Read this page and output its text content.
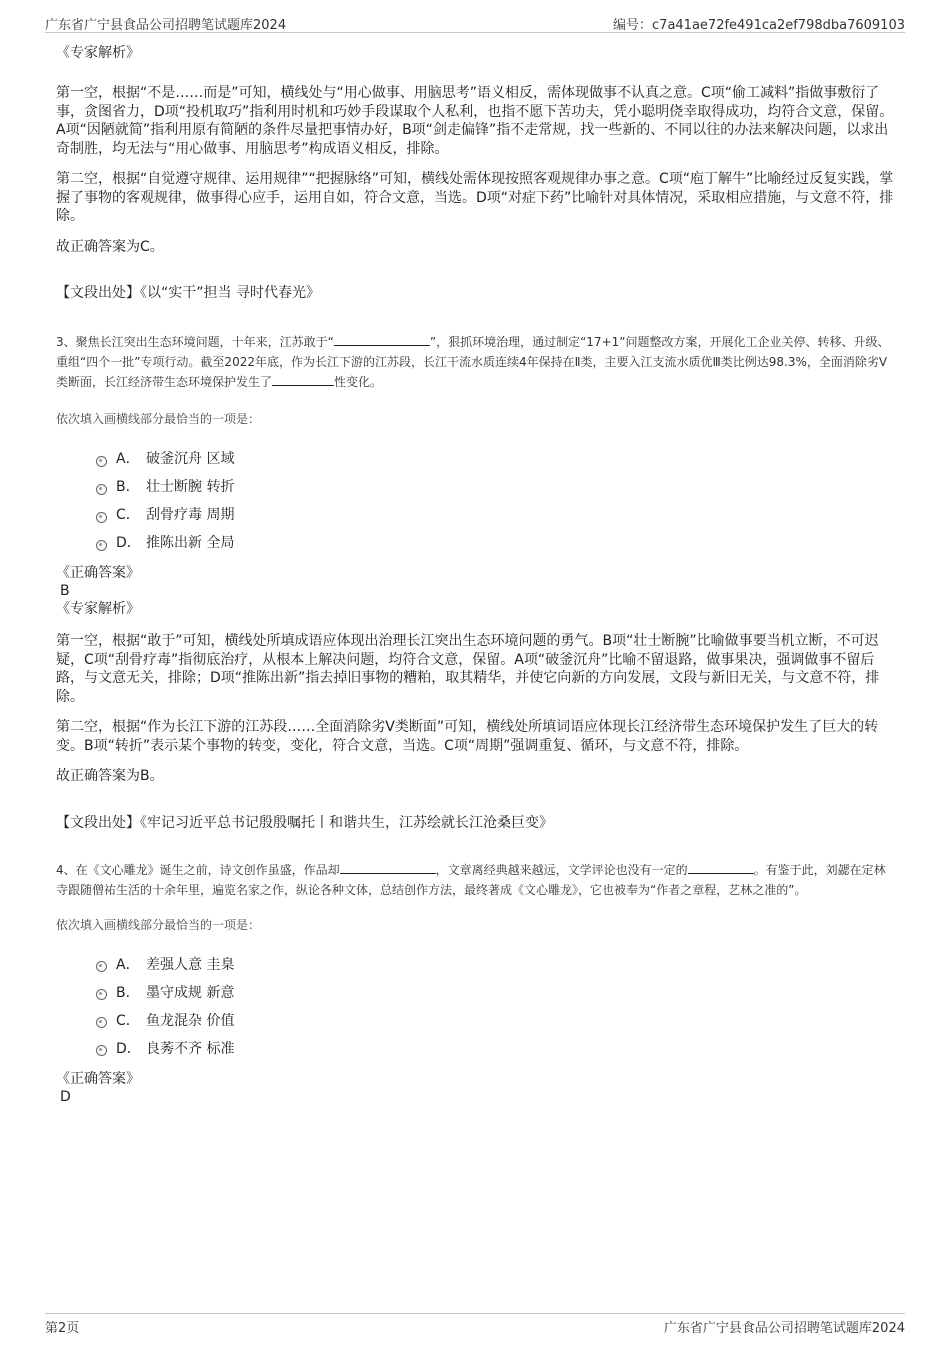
广东省广宁县食品公司招聘笔试题库2024	编号：c7a41ae72fe491ca2ef798dba7609103
《专家解析》

第一空，根据“不是……而是”可知，横线处与“用心做事、用脑思考”语义相反，需体现做事不认真之意。C项“偷工减料”指做事敷衍了事，贪图省力，D项“投机取巧”指利用时机和巧妙手段谋取个人私利，也指不愿下苦功夫，凭小聪明侥幸取得成功，均符合文意，保留。A项“因陋就简”指利用原有简陋的条件尽量把事情办好，B项“剑走偏锋”指不走常规，找一些新的、不同以往的办法来解决问题，以求出奇制胜，均无法与“用心做事、用脑思考”构成语义相反，排除。

第二空，根据“自觉遵守规律、运用规律”“把握脉络”可知，横线处需体现按照客观规律办事之意。C项“庖丁解牛”比喻经过反复实践，掌握了事物的客观规律，做事得心应手，运用自如，符合文意，当选。D项“对症下药”比喻针对具体情况，采取相应措施，与文意不符，排除。

故正确答案为C。

【文段出处】《以“实干”担当 寻时代春光》

3、聚焦长江突出生态环境问题，十年来，江苏敢于“	”，狠抓环境治理，通过制定“17+1”问题整改方案，开展化工企业关停、转移、升级、重组“四个一批”专项行动。截至2022年底，作为长江下游的江苏段，长江干流水质连续4年保持在Ⅱ类，主要入江支流水质优Ⅲ类比例达98.3%，全面消除劣Ⅴ类断面，长江经济带生态环境保护发生了	性变化。

依次填入画横线部分最恰当的一项是：

A． 破釜沉舟 区域
B． 壮士断腕 转折
C． 刮骨疗毒 周期
D． 推陈出新 全局
《正确答案》
B
《专家解析》

第一空，根据“敢于”可知，横线处所填成语应体现出治理长江突出生态环境问题的勇气。B项“壮士断腕”比喻做事要当机立断，不可迟疑，C项“刮骨疗毒”指彻底治疗，从根本上解决问题，均符合文意，保留。A项“破釜沉舟”比喻不留退路，做事果决，强调做事不留后路，与文意无关，排除；D项“推陈出新”指去掉旧事物的糟粕，取其精华，并使它向新的方向发展，文段与新旧无关，与文意不符，排除。

第二空，根据“作为长江下游的江苏段……全面消除劣Ⅴ类断面”可知，横线处所填词语应体现长江经济带生态环境保护发生了巨大的转变。B项“转折”表示某个事物的转变，变化，符合文意，当选。C项“周期”强调重复、循环，与文意不符，排除。

故正确答案为B。

【文段出处】《牢记习近平总书记殷殷嘱托丨和谐共生，江苏绘就长江沧桑巨变》

4、在《文心雕龙》诞生之前，诗文创作虽盛，作品却	，文章离经典越来越远，文学评论也没有一定的	。有鉴于此，刘勰在定林寺跟随僧祐生活的十余年里，遍览名家之作，纵论各种文体，总结创作方法，最终著成《文心雕龙》，它也被奉为“作者之章程，艺林之准的”。

依次填入画横线部分最恰当的一项是：

A． 差强人意 圭臬
B． 墨守成规 新意
C． 鱼龙混杂 价值
D． 良莠不齐 标准
《正确答案》
D
第2页	广东省广宁县食品公司招聘笔试题库2024
